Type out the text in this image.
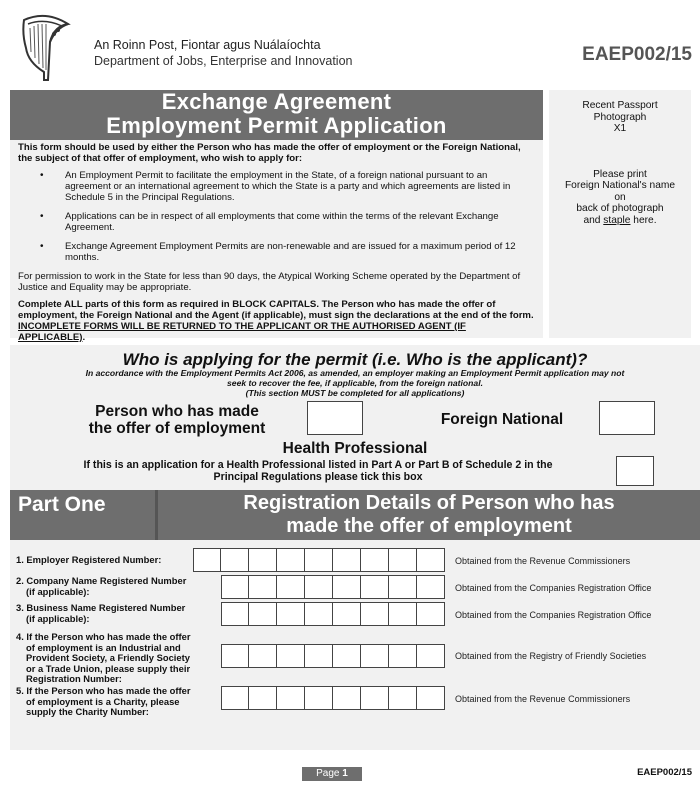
An Roinn Post, Fiontar agus Nuálaíochta
Department of Jobs, Enterprise and Innovation	EAEP002/15
Exchange Agreement
Employment Permit Application

This form should be used by either the Person who has made the offer of employment or the Foreign National, the subject of that offer of employment, who wish to apply for:

• An Employment Permit to facilitate the employment in the State, of a foreign national pursuant to an agreement or an international agreement to which the State is a party and which agreements are listed in Schedule 5 in the Principal Regulations.
• Applications can be in respect of all employments that come within the terms of the relevant Exchange Agreement.
• Exchange Agreement Employment Permits are non-renewable and are issued for a maximum period of 12 months.

For permission to work in the State for less than 90 days, the Atypical Working Scheme operated by the Department of Justice and Equality may be appropriate.

Complete ALL parts of this form as required in BLOCK CAPITALS. The Person who has made the offer of employment, the Foreign National and the Agent (if applicable), must sign the declarations at the end of the form.
INCOMPLETE FORMS WILL BE RETURNED TO THE APPLICANT OR THE AUTHORISED AGENT (IF APPLICABLE).

Recent Passport
Photograph
X1
Please print
Foreign National's name
on
back of photograph
and staple here.
Who is applying for the permit (i.e. Who is the applicant)?
In accordance with the Employment Permits Act 2006, as amended, an employer making an Employment Permit application may not
seek to recover the fee, if applicable, from the foreign national.
(This section MUST be completed for all applications)
Person who has made
the offer of employment
Foreign National
Health Professional
If this is an application for a Health Professional listed in Part A or Part B of Schedule 2 in the
Principal Regulations please tick this box
Part One	Registration Details of Person who has
made the offer of employment
1. Employer Registered Number:	Obtained from the Revenue Commissioners
2. Company Name Registered Number
(if applicable):	Obtained from the Companies Registration Office
3. Business Name Registered Number
(if applicable):	Obtained from the Companies Registration Office
4. If the Person who has made the offer
of employment is an Industrial and
Provident Society, a Friendly Society
or a Trade Union, please supply their
Registration Number:
Obtained from the Registry of Friendly Societies
5. If the Person who has made the offer
of employment is a Charity, please
supply the Charity Number:
Obtained from the Revenue Commissioners
Page 1	EAEP002/15
